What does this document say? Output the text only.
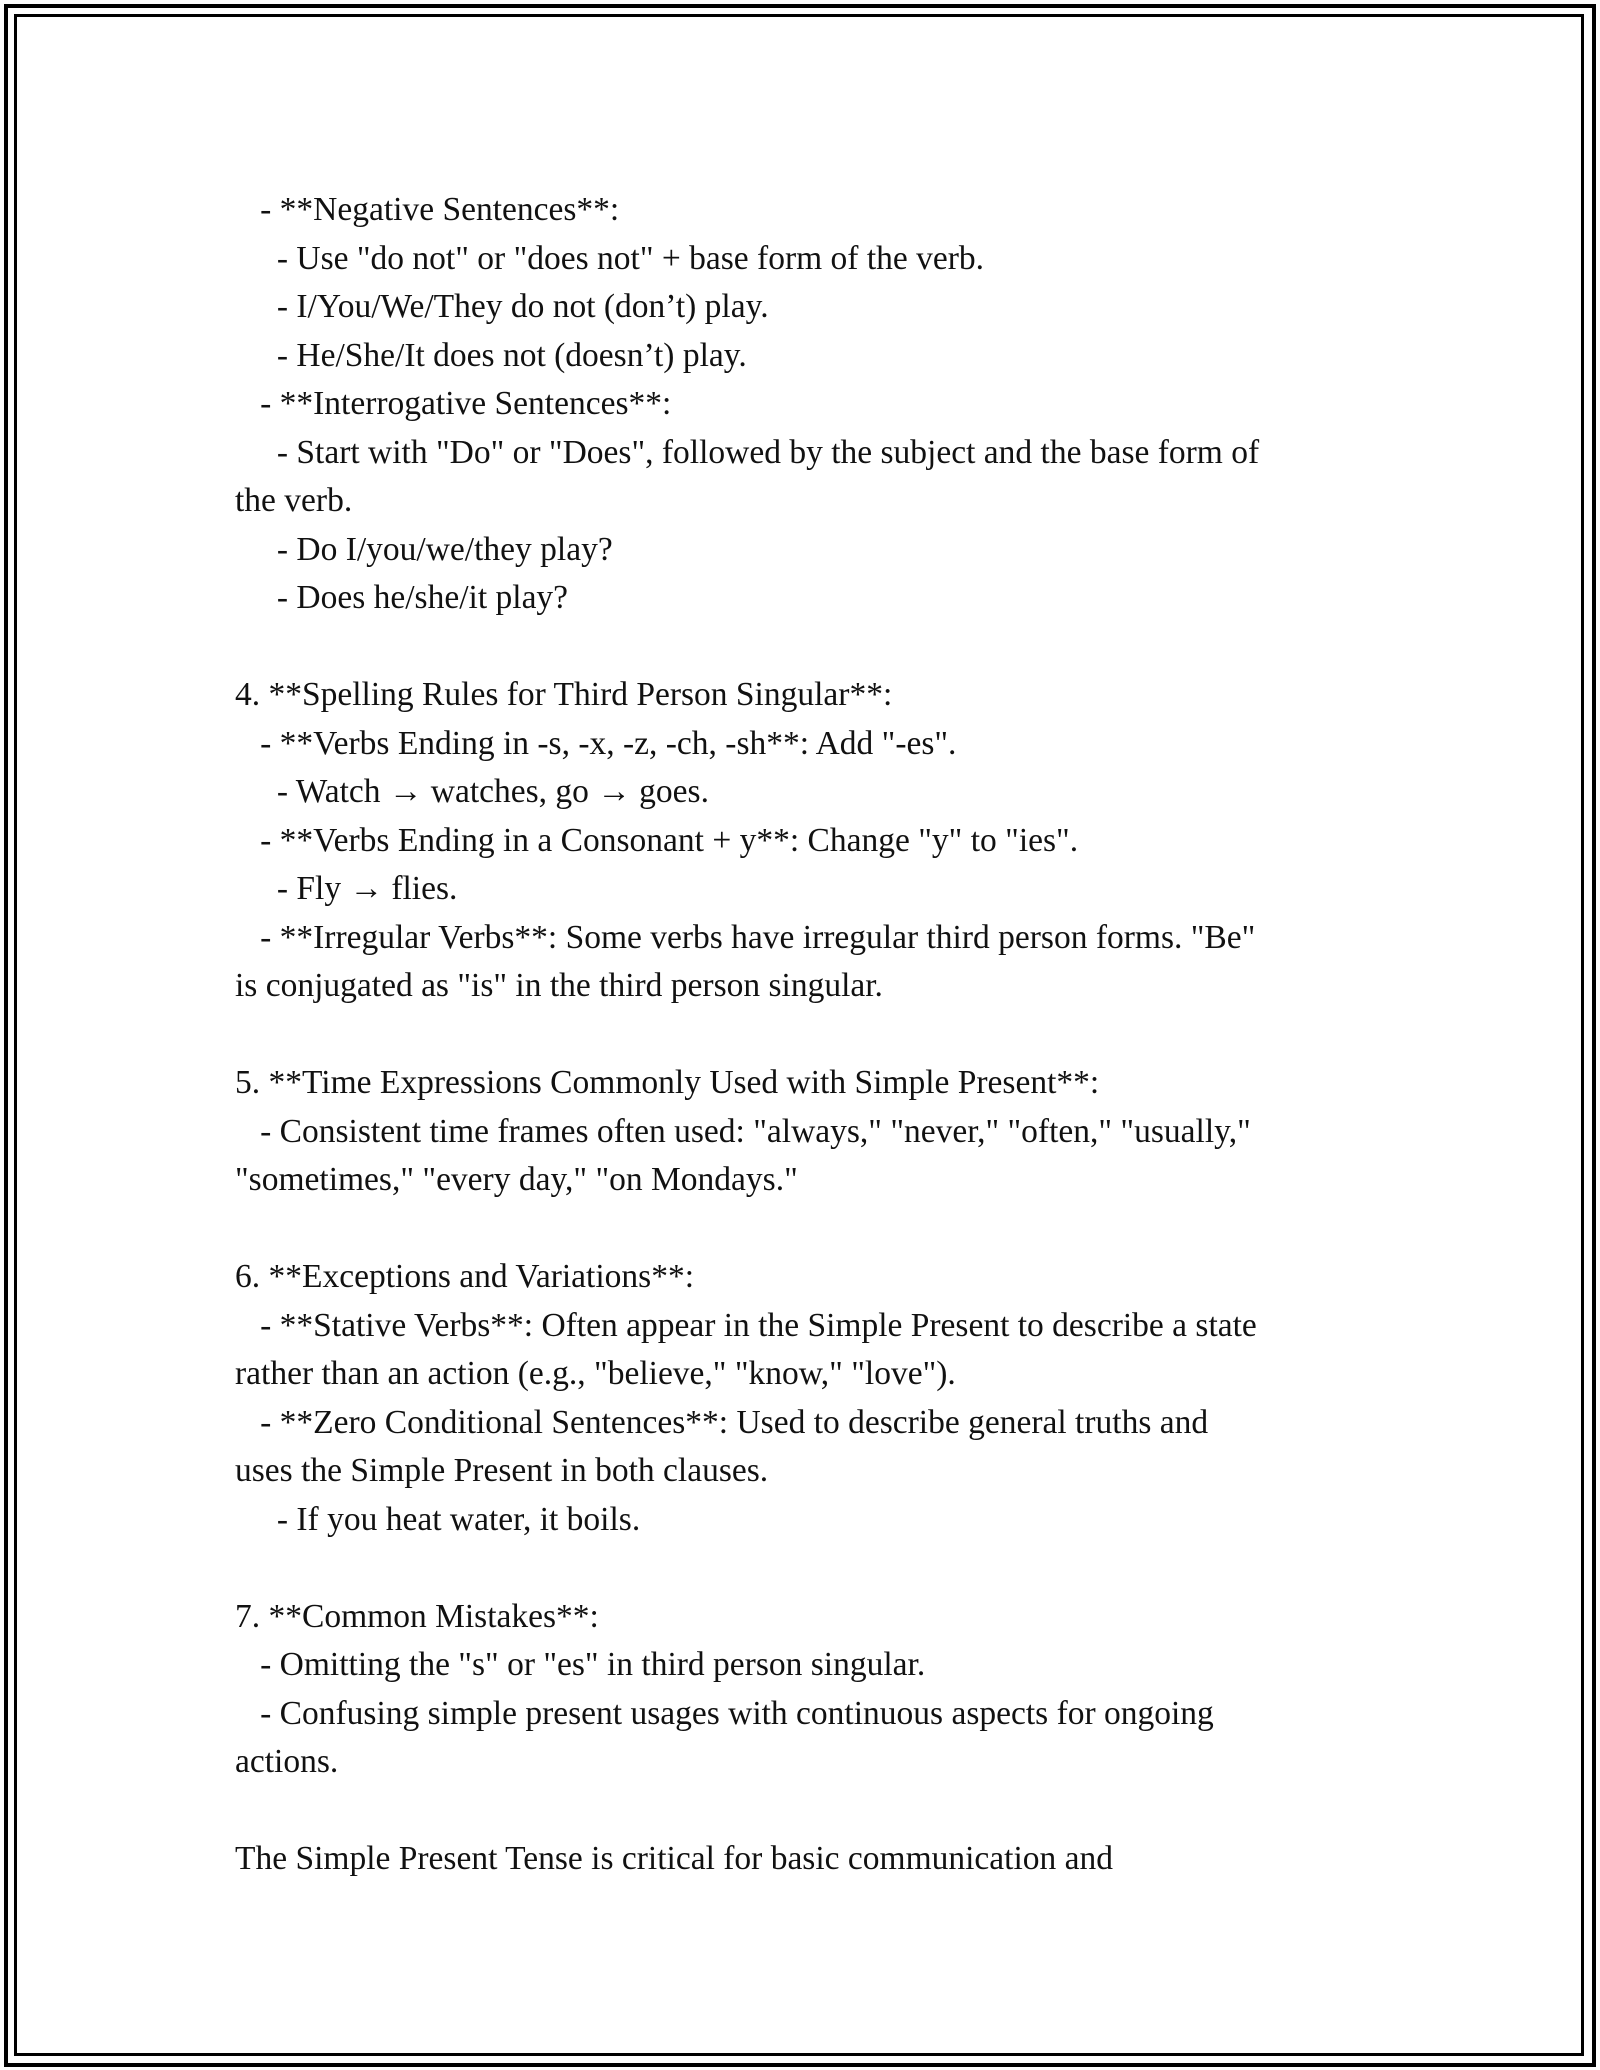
- **Negative Sentences**:

- Use "do not" or "does not" + base form of the verb.

- I/You/We/They do not (don’t) play.

- He/She/It does not (doesn’t) play.

- **Interrogative Sentences**:

- Start with "Do" or "Does", followed by the subject and the base form of

the verb.

- Do I/you/we/they play?

- Does he/she/it play?

4. **Spelling Rules for Third Person Singular**:

- **Verbs Ending in -s, -x, -z, -ch, -sh**: Add "-es".

- Watch → watches, go → goes.

- **Verbs Ending in a Consonant + y**: Change "y" to "ies".

- Fly → flies.

- **Irregular Verbs**: Some verbs have irregular third person forms. "Be"

is conjugated as "is" in the third person singular.

5. **Time Expressions Commonly Used with Simple Present**:

- Consistent time frames often used: "always," "never," "often," "usually,"

"sometimes," "every day," "on Mondays."

6. **Exceptions and Variations**:

- **Stative Verbs**: Often appear in the Simple Present to describe a state

rather than an action (e.g., "believe," "know," "love").

- **Zero Conditional Sentences**: Used to describe general truths and

uses the Simple Present in both clauses.

- If you heat water, it boils.

7. **Common Mistakes**:

- Omitting the "s" or "es" in third person singular.

- Confusing simple present usages with continuous aspects for ongoing

actions.

The Simple Present Tense is critical for basic communication and
